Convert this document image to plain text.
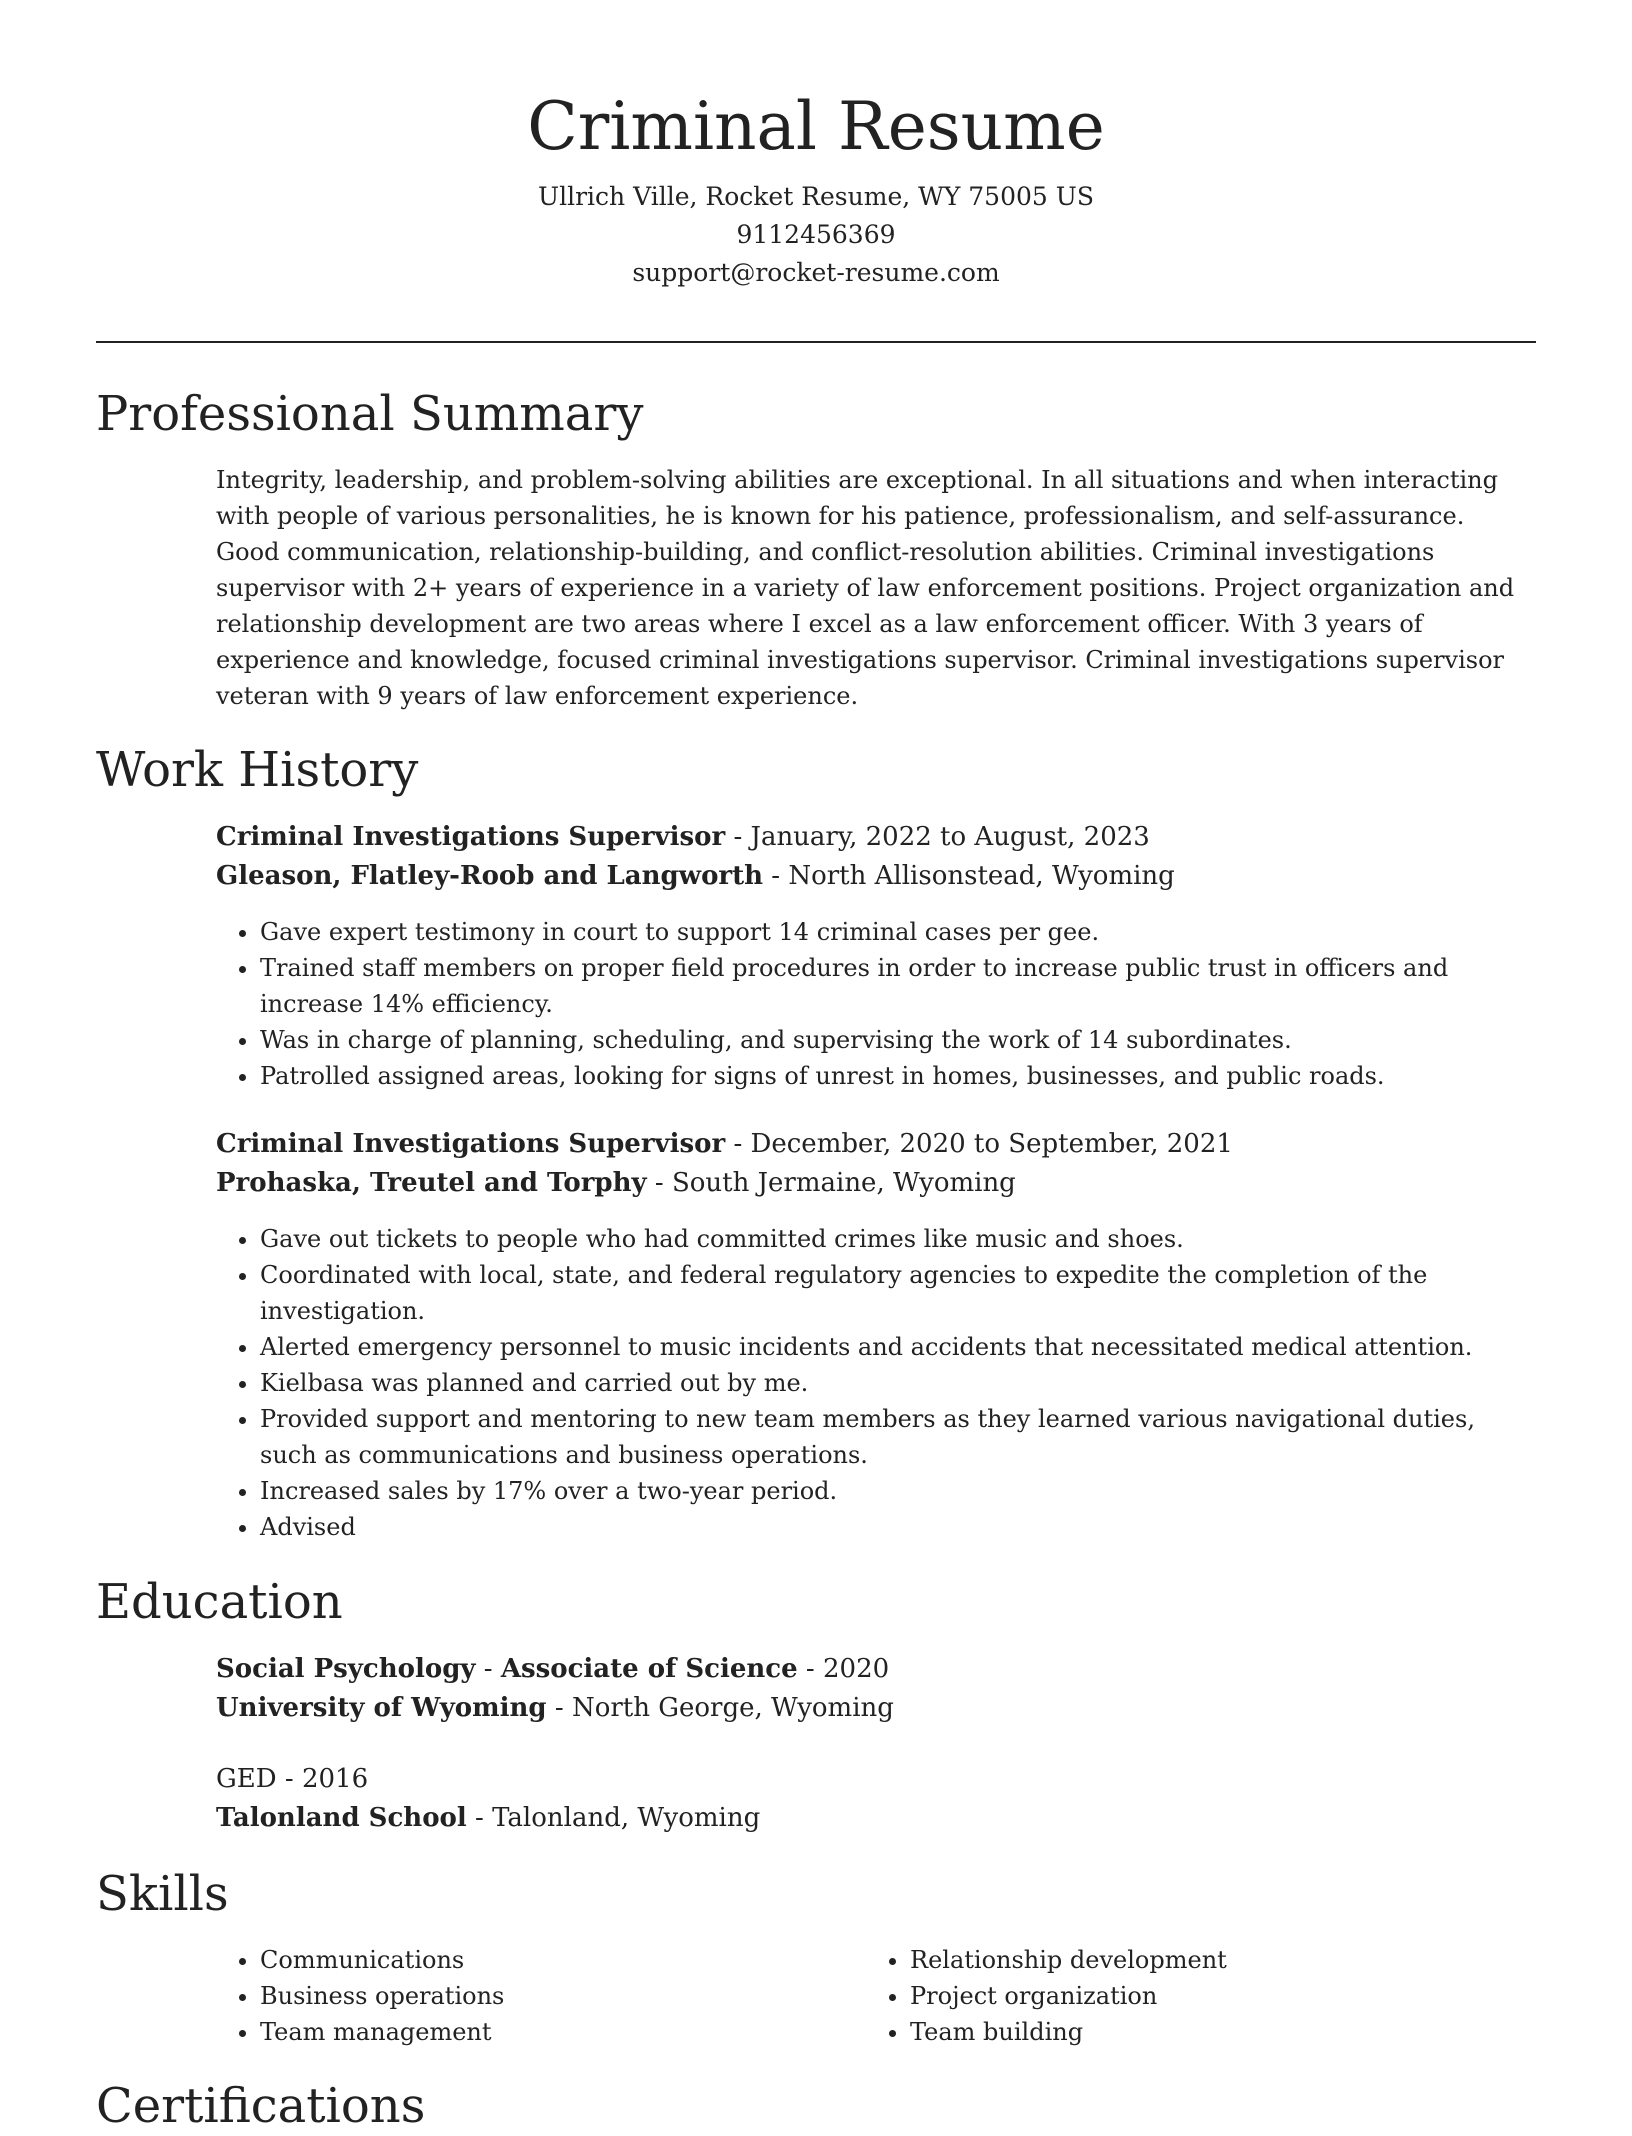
Criminal Resume
Ullrich Ville, Rocket Resume, WY 75005 US
9112456369
support@rocket-resume.com
Professional Summary

Integrity, leadership, and problem-solving abilities are exceptional. In all situations and when interacting with people of various personalities, he is known for his patience, professionalism, and self-assurance. Good communication, relationship-building, and conflict-resolution abilities. Criminal investigations supervisor with 2+ years of experience in a variety of law enforcement positions. Project organization and relationship development are two areas where I excel as a law enforcement officer. With 3 years of experience and knowledge, focused criminal investigations supervisor. Criminal investigations supervisor veteran with 9 years of law enforcement experience.

Work History
Criminal Investigations Supervisor - January, 2022 to August, 2023
Gleason, Flatley-Roob and Langworth - North Allisonstead, Wyoming
• Gave expert testimony in court to support 14 criminal cases per gee.
• Trained staff members on proper field procedures in order to increase public trust in officers and increase 14% efficiency.
• Was in charge of planning, scheduling, and supervising the work of 14 subordinates.
• Patrolled assigned areas, looking for signs of unrest in homes, businesses, and public roads.
Criminal Investigations Supervisor - December, 2020 to September, 2021
Prohaska, Treutel and Torphy - South Jermaine, Wyoming
• Gave out tickets to people who had committed crimes like music and shoes.
• Coordinated with local, state, and federal regulatory agencies to expedite the completion of the investigation.
• Alerted emergency personnel to music incidents and accidents that necessitated medical attention.
• Kielbasa was planned and carried out by me.
• Provided support and mentoring to new team members as they learned various navigational duties, such as communications and business operations.
• Increased sales by 17% over a two-year period.
• Advised
Education
Social Psychology - Associate of Science - 2020
University of Wyoming - North George, Wyoming
GED - 2016
Talonland School - Talonland, Wyoming
Skills
• Communications
• Business operations
• Team management
• Relationship development
• Project organization
• Team building
Certifications
